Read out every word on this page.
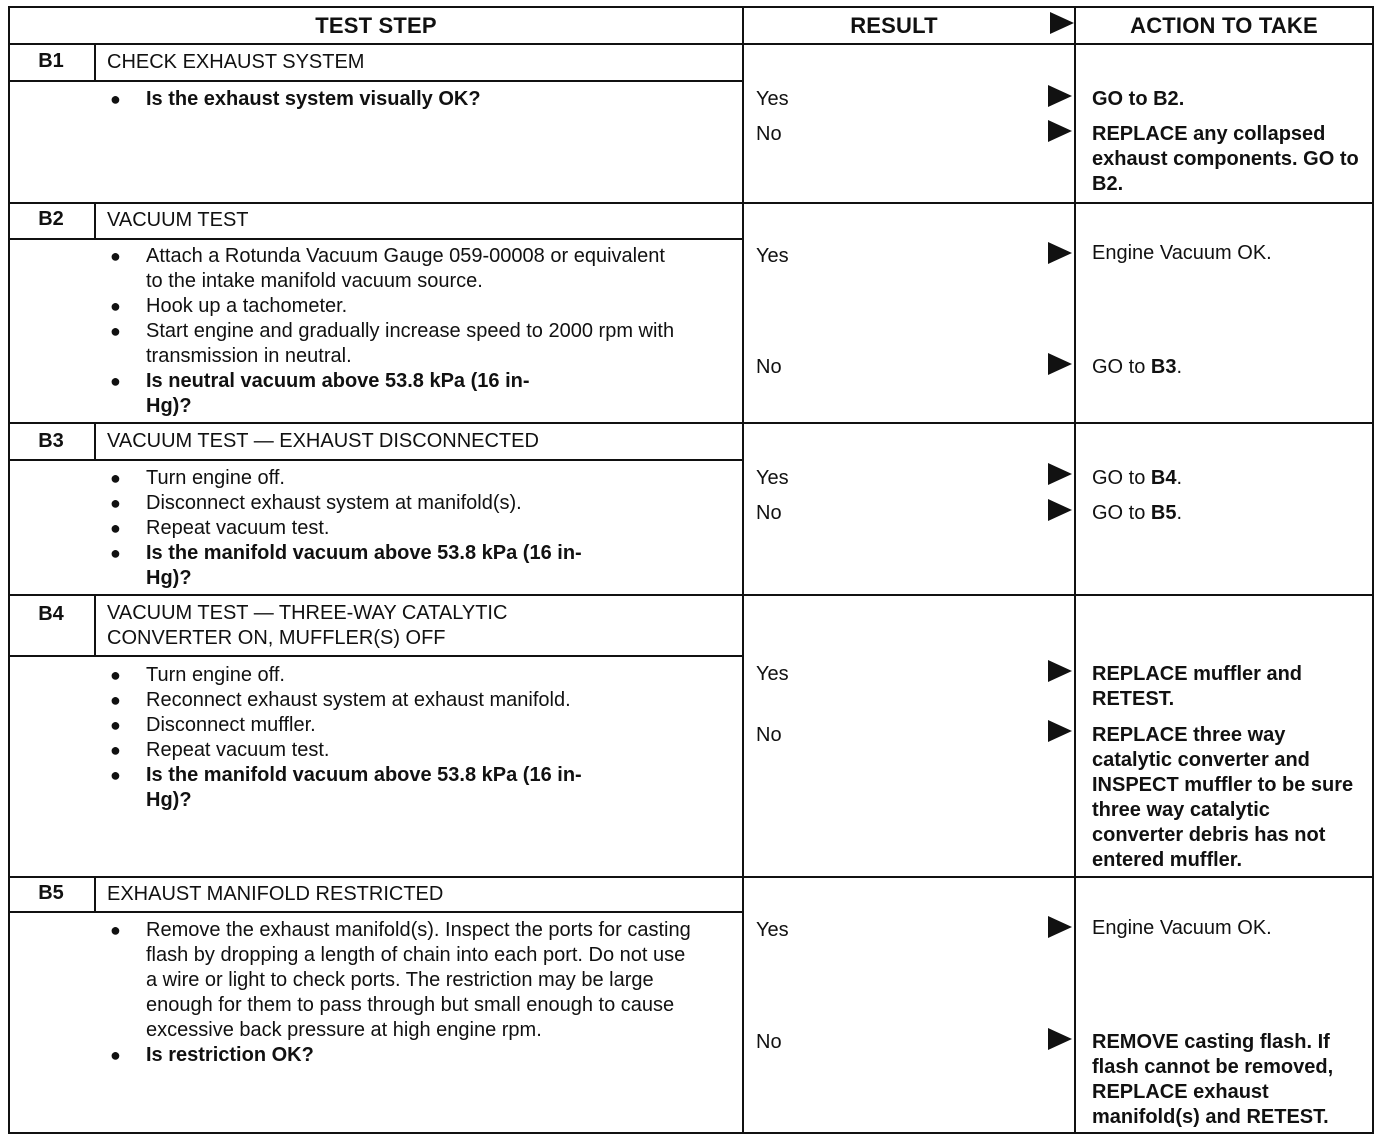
TEST STEP	RESULT	ACTION TO TAKE
B1	CHECK EXHAUST SYSTEM
● Is the exhaust system visually OK?	Yes	GO to B2.
No	REPLACE any collapsed exhaust components. GO to B2.
B2	VACUUM TEST
● Attach a Rotunda Vacuum Gauge 059-00008 or equivalent to the intake manifold vacuum source.
● Hook up a tachometer.
● Start engine and gradually increase speed to 2000 rpm with transmission in neutral.
● Is neutral vacuum above 53.8 kPa (16 in-Hg)?
Yes	Engine Vacuum OK.
No	GO to B3.
B3	VACUUM TEST — EXHAUST DISCONNECTED
● Turn engine off.
● Disconnect exhaust system at manifold(s).
● Repeat vacuum test.
● Is the manifold vacuum above 53.8 kPa (16 in-Hg)?
Yes	GO to B4.
No	GO to B5.
B4	VACUUM TEST — THREE-WAY CATALYTIC CONVERTER ON, MUFFLER(S) OFF
● Turn engine off.
● Reconnect exhaust system at exhaust manifold.
● Disconnect muffler.
● Repeat vacuum test.
● Is the manifold vacuum above 53.8 kPa (16 in-Hg)?
Yes	REPLACE muffler and RETEST.
No	REPLACE three way catalytic converter and INSPECT muffler to be sure three way catalytic converter debris has not entered muffler.
B5	EXHAUST MANIFOLD RESTRICTED
● Remove the exhaust manifold(s). Inspect the ports for casting flash by dropping a length of chain into each port. Do not use a wire or light to check ports. The restriction may be large enough for them to pass through but small enough to cause excessive back pressure at high engine rpm.
● Is restriction OK?
Yes	Engine Vacuum OK.
No	REMOVE casting flash. If flash cannot be removed, REPLACE exhaust manifold(s) and RETEST.
